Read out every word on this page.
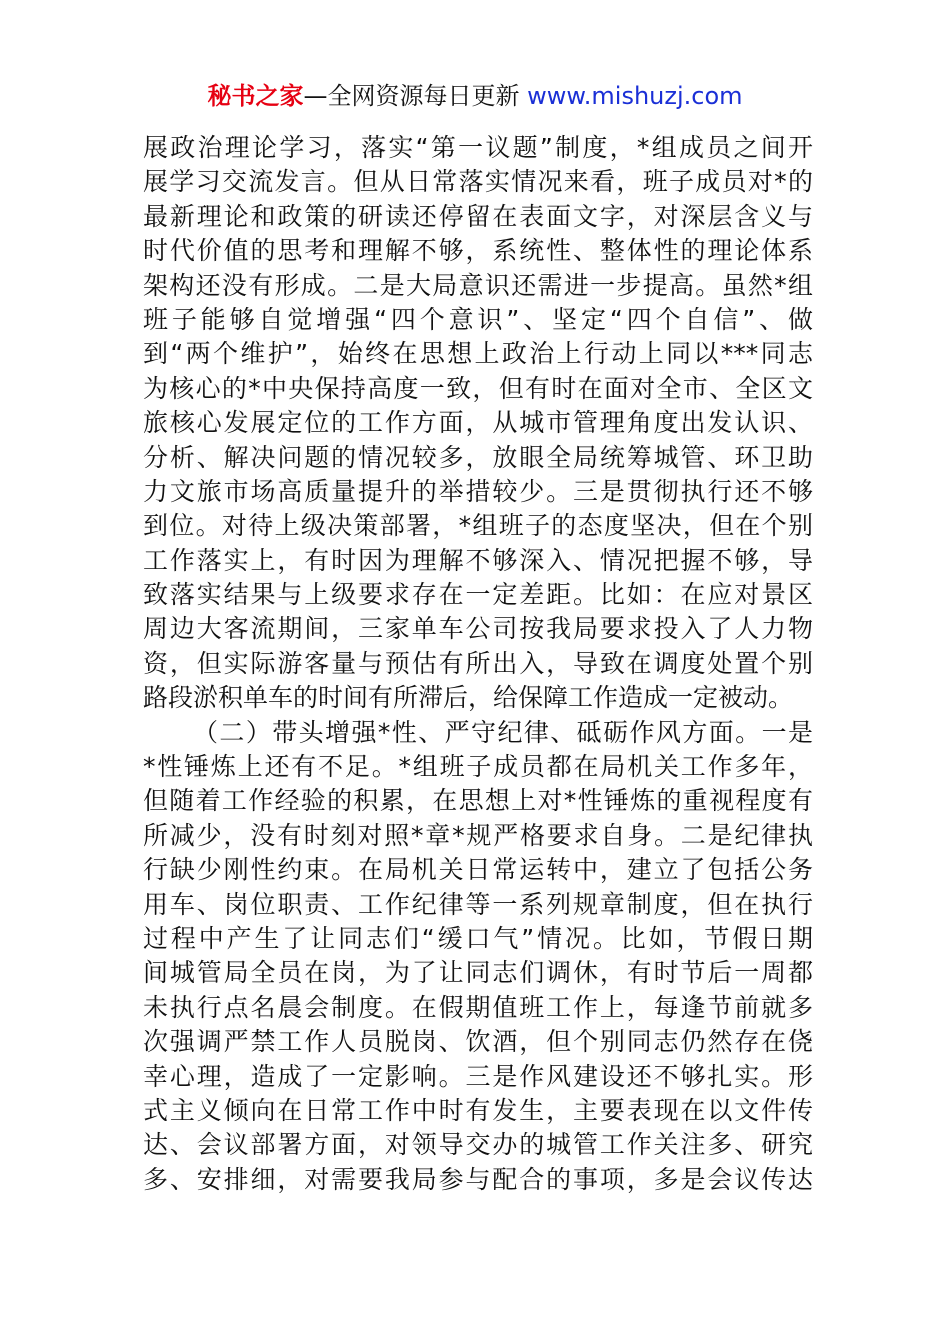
秘书之家—全网资源每日更新 www.mishuzj.com
展政治理论学习，落实“第一议题”制度，*组成员之间开
展学习交流发言。但从日常落实情况来看，班子成员对*的
最新理论和政策的研读还停留在表面文字，对深层含义与
时代价值的思考和理解不够，系统性、整体性的理论体系
架构还没有形成。二是大局意识还需进一步提高。虽然*组
班子能够自觉增强“四个意识”、坚定“四个自信”、做
到“两个维护”，始终在思想上政治上行动上同以***同志
为核心的*中央保持高度一致，但有时在面对全市、全区文
旅核心发展定位的工作方面，从城市管理角度出发认识、
分析、解决问题的情况较多，放眼全局统筹城管、环卫助
力文旅市场高质量提升的举措较少。三是贯彻执行还不够
到位。对待上级决策部署，*组班子的态度坚决，但在个别
工作落实上，有时因为理解不够深入、情况把握不够，导
致落实结果与上级要求存在一定差距。比如：在应对景区
周边大客流期间，三家单车公司按我局要求投入了人力物
资，但实际游客量与预估有所出入，导致在调度处置个别
路段淤积单车的时间有所滞后，给保障工作造成一定被动。
（二）带头增强*性、严守纪律、砥砺作风方面。一是
*性锤炼上还有不足。*组班子成员都在局机关工作多年，
但随着工作经验的积累，在思想上对*性锤炼的重视程度有
所减少，没有时刻对照*章*规严格要求自身。二是纪律执
行缺少刚性约束。在局机关日常运转中，建立了包括公务
用车、岗位职责、工作纪律等一系列规章制度，但在执行
过程中产生了让同志们“缓口气”情况。比如，节假日期
间城管局全员在岗，为了让同志们调休，有时节后一周都
未执行点名晨会制度。在假期值班工作上，每逢节前就多
次强调严禁工作人员脱岗、饮酒，但个别同志仍然存在侥
幸心理，造成了一定影响。三是作风建设还不够扎实。形
式主义倾向在日常工作中时有发生，主要表现在以文件传
达、会议部署方面，对领导交办的城管工作关注多、研究
多、安排细，对需要我局参与配合的事项，多是会议传达
